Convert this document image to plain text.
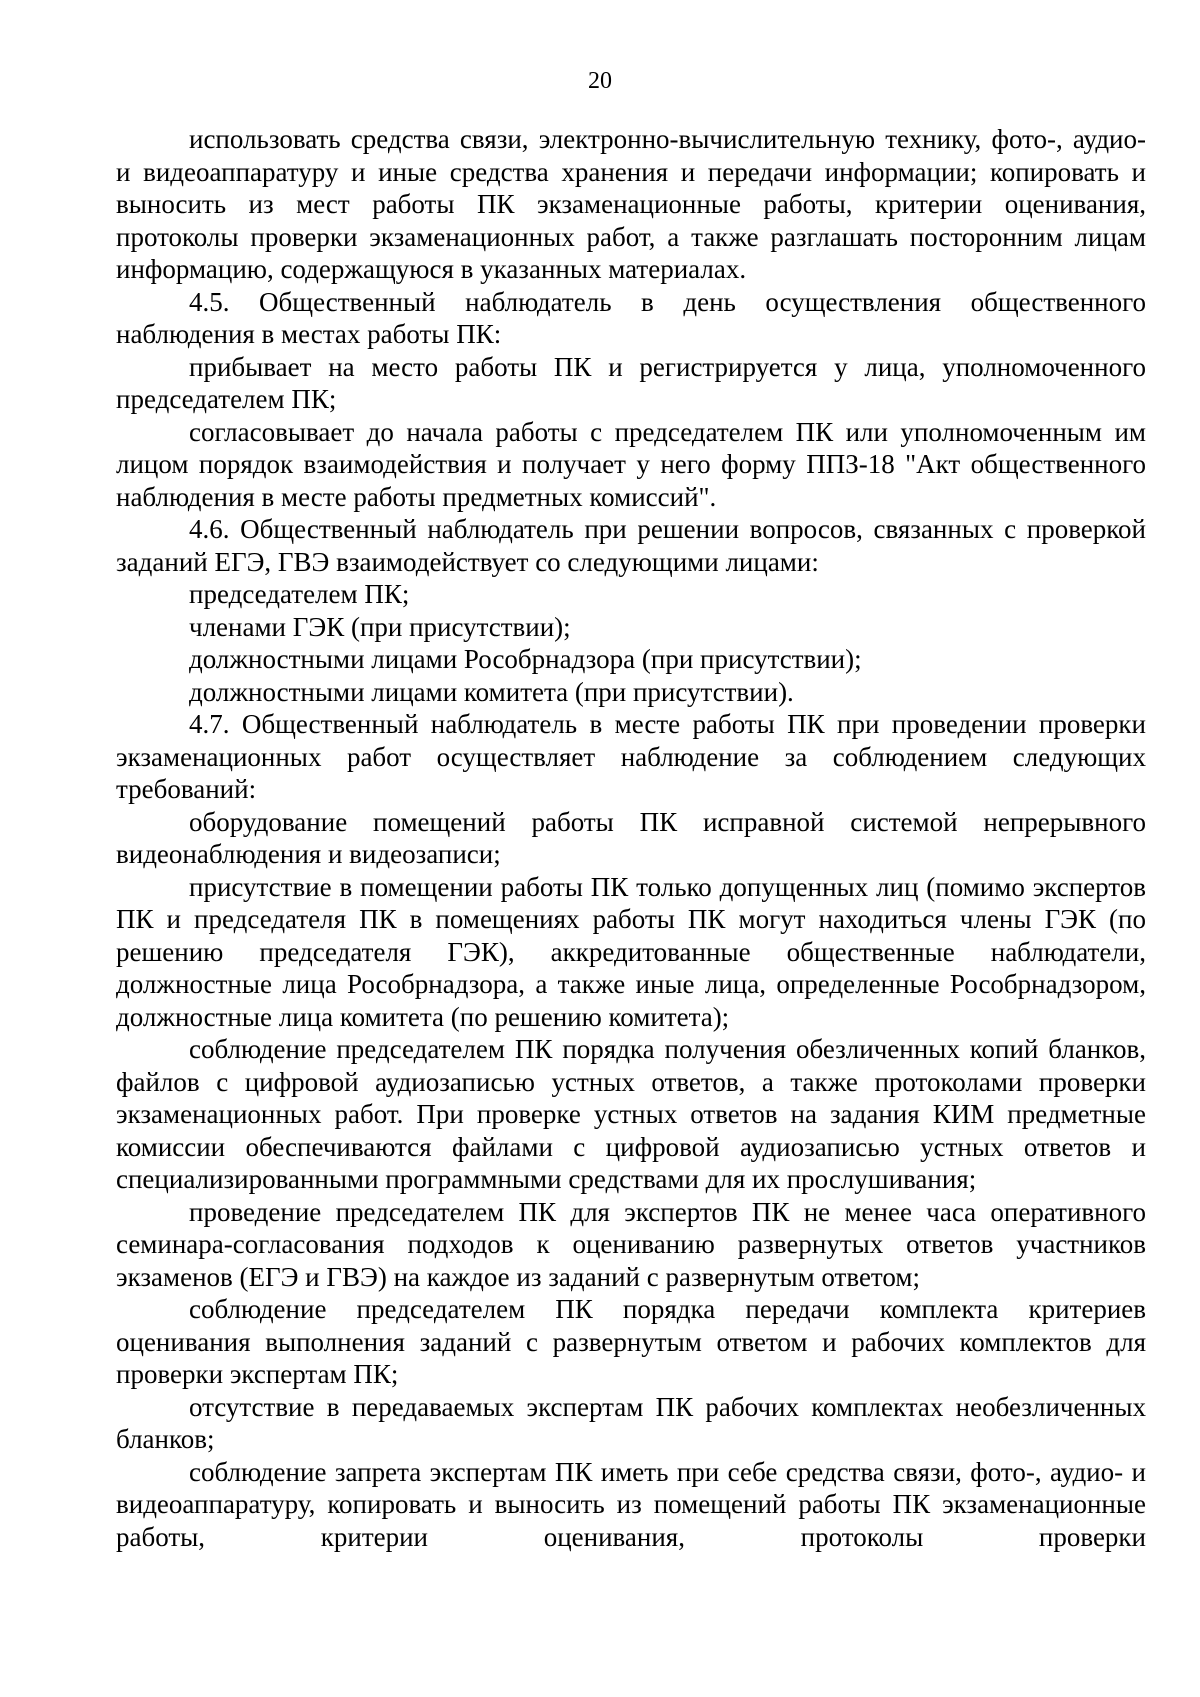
20

использовать средства связи, электронно-вычислительную технику, фото-, аудио- и видеоаппаратуру и иные средства хранения и передачи информации; копировать и выносить из мест работы ПК экзаменационные работы, критерии оценивания, протоколы проверки экзаменационных работ, а также разглашать посторонним лицам информацию, содержащуюся в указанных материалах.

4.5. Общественный наблюдатель в день осуществления общественного наблюдения в местах работы ПК:

прибывает на место работы ПК и регистрируется у лица, уполномоченного председателем ПК;

согласовывает до начала работы с председателем ПК или уполномоченным им лицом порядок взаимодействия и получает у него форму ППЗ-18 "Акт общественного наблюдения в месте работы предметных комиссий".

4.6. Общественный наблюдатель при решении вопросов, связанных с проверкой заданий ЕГЭ, ГВЭ взаимодействует со следующими лицами:

председателем ПК;

членами ГЭК (при присутствии);

должностными лицами Рособрнадзора (при присутствии);

должностными лицами комитета (при присутствии).

4.7. Общественный наблюдатель в месте работы ПК при проведении проверки экзаменационных работ осуществляет наблюдение за соблюдением следующих требований:

оборудование помещений работы ПК исправной системой непрерывного видеонаблюдения и видеозаписи;

присутствие в помещении работы ПК только допущенных лиц (помимо экспертов ПК и председателя ПК в помещениях работы ПК могут находиться члены ГЭК (по решению председателя ГЭК), аккредитованные общественные наблюдатели, должностные лица Рособрнадзора, а также иные лица, определенные Рособрнадзором, должностные лица комитета (по решению комитета);

соблюдение председателем ПК порядка получения обезличенных копий бланков, файлов с цифровой аудиозаписью устных ответов, а также протоколами проверки экзаменационных работ. При проверке устных ответов на задания КИМ предметные комиссии обеспечиваются файлами с цифровой аудиозаписью устных ответов и специализированными программными средствами для их прослушивания;

проведение председателем ПК для экспертов ПК не менее часа оперативного семинара-согласования подходов к оцениванию развернутых ответов участников экзаменов (ЕГЭ и ГВЭ) на каждое из заданий с развернутым ответом;

соблюдение председателем ПК порядка передачи комплекта критериев оценивания выполнения заданий с развернутым ответом и рабочих комплектов для проверки экспертам ПК;

отсутствие в передаваемых экспертам ПК рабочих комплектах необезличенных бланков;

соблюдение запрета экспертам ПК иметь при себе средства связи, фото-, аудио- и видеоаппаратуру, копировать и выносить из помещений работы ПК экзаменационные работы, критерии оценивания, протоколы проверки
